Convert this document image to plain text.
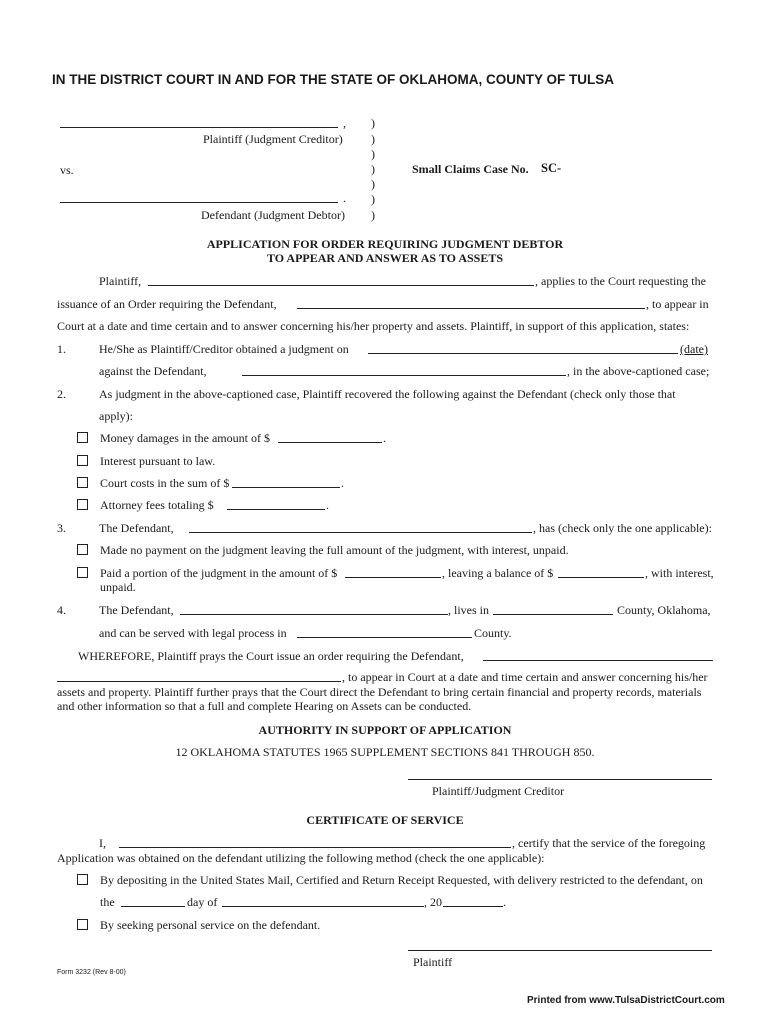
IN THE DISTRICT COURT IN AND FOR THE STATE OF OKLAHOMA, COUNTY OF TULSA
,
Plaintiff (Judgment Creditor)
vs.
.
Defendant (Judgment Debtor)
)
)
)
)
)
)
)
Small Claims Case No. SC-
APPLICATION FOR ORDER REQUIRING JUDGMENT DEBTOR
TO APPEAR AND ANSWER AS TO ASSETS
Plaintiff,	, applies to the Court requesting the
issuance of an Order requiring the Defendant,	, to appear in
Court at a date and time certain and to answer concerning his/her property and assets. Plaintiff, in support of this application, states:
1.	He/She as Plaintiff/Creditor obtained a judgment on	(date)
against the Defendant,	, in the above-captioned case;
2.	As judgment in the above-captioned case, Plaintiff recovered the following against the Defendant (check only those that
apply):
Money damages in the amount of $	.
Interest pursuant to law.
Court costs in the sum of $	.
Attorney fees totaling $	.
3.	The Defendant,	, has (check only the one applicable):
Made no payment on the judgment leaving the full amount of the judgment, with interest, unpaid.
Paid a portion of the judgment in the amount of $	, leaving a balance of $	, with interest,
unpaid.
4.	The Defendant,	, lives in	County, Oklahoma,
and can be served with legal process in	County.
WHEREFORE, Plaintiff prays the Court issue an order requiring the Defendant,
, to appear in Court at a date and time certain and answer concerning his/her
assets and property. Plaintiff further prays that the Court direct the Defendant to bring certain financial and property records, materials and other information so that a full and complete Hearing on Assets can be conducted.
AUTHORITY IN SUPPORT OF APPLICATION
12 OKLAHOMA STATUTES 1965 SUPPLEMENT SECTIONS 841 THROUGH 850.
Plaintiff/Judgment Creditor
CERTIFICATE OF SERVICE
I,	, certify that the service of the foregoing
Application was obtained on the defendant utilizing the following method (check the one applicable):
By depositing in the United States Mail, Certified and Return Receipt Requested, with delivery restricted to the defendant, on
the	day of	, 20	.
By seeking personal service on the defendant.
Plaintiff
Form 3232 (Rev 8-00)
Printed from www.TulsaDistrictCourt.com
